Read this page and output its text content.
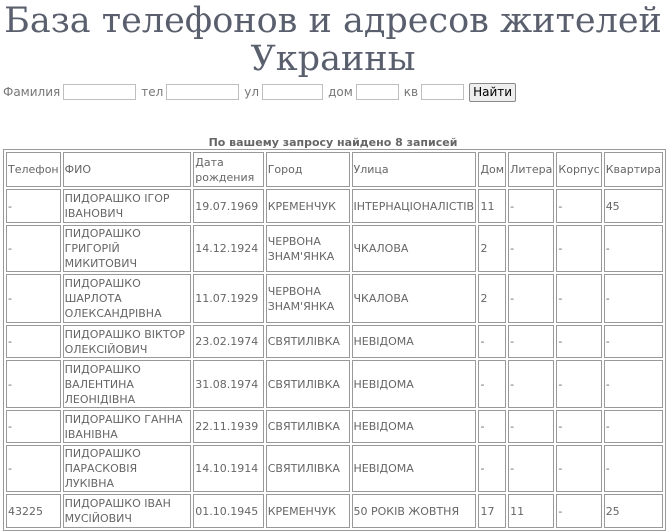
База телефонов и адресов жителей
Украины
Фамилия	тел	ул	дом	кв	Найти
По вашему запросу найдено 8 записей
Телефон	ФИО	Дата рождения	Город	Улица	Дом	Литера	Корпус	Квартира
-	ПИДОРАШКО ІГОР ІВАНОВИЧ	19.07.1969	КРЕМЕНЧУК	ІНТЕРНАЦІОНАЛІСТІВ	11	-	-	45
-	ПИДОРАШКО ГРИГОРІЙ МИКИТОВИЧ	14.12.1924	ЧЕРВОНА ЗНАМ'ЯНКА	ЧКАЛОВА	2	-	-	-
-	ПИДОРАШКО ШАРЛОТА ОЛЕКСАНДРІВНА	11.07.1929	ЧЕРВОНА ЗНАМ'ЯНКА	ЧКАЛОВА	2	-	-	-
-	ПИДОРАШКО ВІКТОР ОЛЕКСІЙОВИЧ	23.02.1974	СВЯТИЛІВКА	НЕВІДОМА	-	-	-	-
-	ПИДОРАШКО ВАЛЕНТИНА ЛЕОНІДІВНА	31.08.1974	СВЯТИЛІВКА	НЕВІДОМА	-	-	-	-
-	ПИДОРАШКО ГАННА ІВАНІВНА	22.11.1939	СВЯТИЛІВКА	НЕВІДОМА	-	-	-	-
-	ПИДОРАШКО ПАРАСКОВІЯ ЛУКІВНА	14.10.1914	СВЯТИЛІВКА	НЕВІДОМА	-	-	-	-
43225	ПИДОРАШКО ІВАН МУСІЙОВИЧ	01.10.1945	КРЕМЕНЧУК	50 РОКІВ ЖОВТНЯ	17	11	-	25
